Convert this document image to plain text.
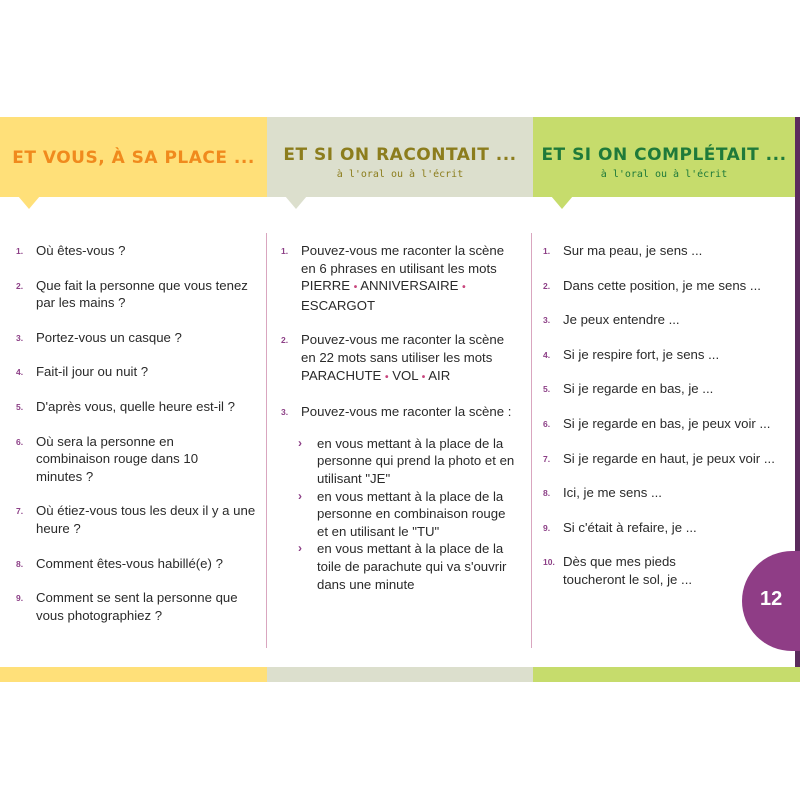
ET VOUS, À SA PLACE ...	ET SI ON RACONTAIT ...
à l'oral ou à l'écrit
ET SI ON COMPLÉTAIT ...
à l'oral ou à l'écrit
1. Où êtes-vous ?
2. Que fait la personne que vous tenez par les mains ?
3. Portez-vous un casque ?
4. Fait-il jour ou nuit ?
5. D'après vous, quelle heure est-il ?
6. Où sera la personne en combinaison rouge dans 10 minutes ?
7. Où étiez-vous tous les deux il y a une heure ?
8. Comment êtes-vous habillé(e) ?
9. Comment se sent la personne que vous photographiez ?
1. Pouvez-vous me raconter la scène en 6 phrases en utilisant les mots PIERRE • ANNIVERSAIRE • ESCARGOT
2. Pouvez-vous me raconter la scène en 22 mots sans utiliser les mots PARACHUTE • VOL • AIR
3. Pouvez-vous me raconter la scène :
› en vous mettant à la place de la personne qui prend la photo et en utilisant "JE"
› en vous mettant à la place de la personne en combinaison rouge et en utilisant le "TU"
› en vous mettant à la place de la toile de parachute qui va s'ouvrir dans une minute
1. Sur ma peau, je sens ...
2. Dans cette position, je me sens ...
3. Je peux entendre ...
4. Si je respire fort, je sens ...
5. Si je regarde en bas, je ...
6. Si je regarde en bas, je peux voir ...
7. Si je regarde en haut, je peux voir ...
8. Ici, je me sens ...
9. Si c'était à refaire, je ...
10. Dès que mes pieds toucheront le sol, je ...
12
